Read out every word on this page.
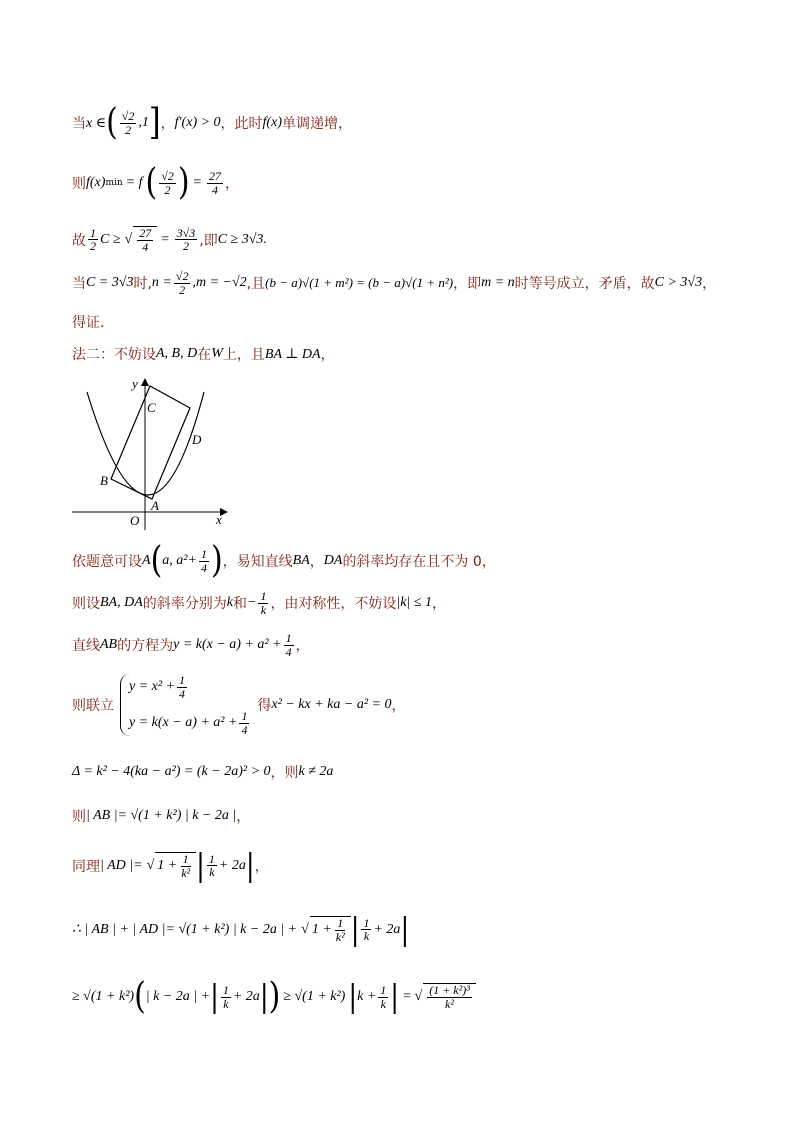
当 x ∈ ( $\frac{√2}{2} ,1$ ] ， f′(x) > 0 ，此时 f(x) 单调递增，
则 f(x) min = f ( $\frac{√2}{2}$ ) = $\frac{27}{4}$ ，
故 $\frac{1}{2}$ C ≥ √ $\frac{27}{4} = \frac{3√3}{2}$ ,即 C ≥ 3√3 .
当 C = 3√3 时, $n = \frac{√2}{2} ,m = -√2$ ,且 (b − a)√(1 + m²) = (b − a)√(1 + n²) ，即 m = n 时等号成立，矛盾，故 C > 3√3 ，
得证.
法二：不妨设 A, B, D 在 W 上，且 BA ⊥ DA ，
y
x
O
A
B
C
D
依题意可设 A ( a, $a^2+ \frac{1}{4}$ ) ，易知直线 BA ， DA 的斜率均存在且不为 0，
则设 BA, DA 的斜率分别为 k 和 − $\frac{1}{k}$ ，由对称性，不妨设 |k| ≤ 1 ，
直线 AB 的方程为 $y = k(x - a) + a^2 + \frac{1}{4}$ ，
则联立
$y = x^2 + \frac{1}{4}$
$y = k(x - a) + a^2 + \frac{1}{4}$
得 x² − kx + ka − a² = 0 ，
Δ = k² − 4(ka − a²) = (k − 2a)² > 0 ，则 k ≠ 2a
则 | AB |= √(1 + k²) | k − 2a | ，
同理 | AD |= √ $1 + \frac{1}{\text{k²}}$ | $\frac{1}{k} + 2a$ | ，
∴ | AB | + | AD |= √(1 + k²) | k − 2a | + √ $1 + \frac{1}{\text{k²}}$ | $\frac{1}{k} + 2a$ |
≥ √(1 + k²) ( | k − 2a | + | $\frac{1}{k} + 2a$ | ) ≥ √(1 + k²) | $k + \frac{1}{k}$ | = √ $\frac{\text{(1 + k²)³}}{\text{k²}}$
